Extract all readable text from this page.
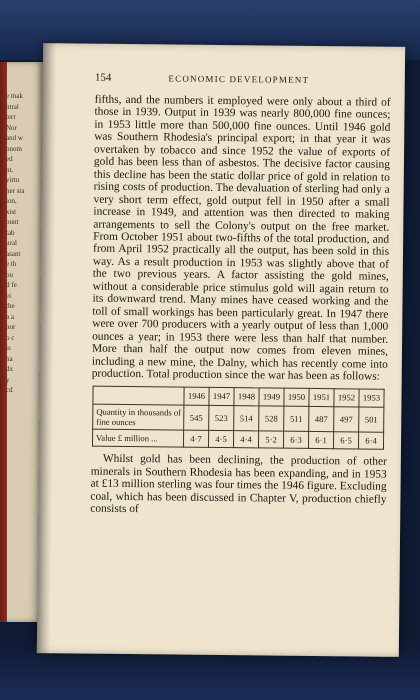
e mak
ntral
terr
Nor
and w
onom
ed
nt.
virtu
her sta
ion,
xist
ount
tab
ural
asant
e th
ou
d fe
ei
the
a a
nor
o c
is
ha
dx
y
cd
154	ECONOMIC DEVELOPMENT

fifths, and the numbers it employed were only about a third of those in 1939. Output in 1939 was nearly 800,000 fine ounces; in 1953 little more than 500,000 fine ounces. Until 1946 gold was Southern Rhodesia's principal export; in that year it was overtaken by tobacco and since 1952 the value of exports of gold has been less than of asbestos. The decisive factor causing this decline has been the static dollar price of gold in relation to rising costs of production. The devaluation of sterling had only a very short term effect, gold output fell in 1950 after a small increase in 1949, and attention was then directed to making arrangements to sell the Colony's output on the free market. From October 1951 about two-fifths of the total production, and from April 1952 practically all the output, has been sold in this way. As a result production in 1953 was slightly above that of the two previous years. A factor assisting the gold mines, without a considerable price stimulus gold will again return to its downward trend. Many mines have ceased working and the toll of small workings has been particularly great. In 1947 there were over 700 producers with a yearly output of less than 1,000 ounces a year; in 1953 there were less than half that number. More than half the output now comes from eleven mines, including a new mine, the Dalny, which has recently come into production. Total production since the war has been as follows:

	1946	1947	1948	1949	1950	1951	1952	1953
Quantity in thousands of fine ounces	545	523	514	528	511	487	497	501
Value £ million ...	4·7	4·5	4·4	5·2	6·3	6·1	6·5	6·4

Whilst gold has been declining, the production of other minerals in Southern Rhodesia has been expanding, and in 1953 at £13 million sterling was four times the 1946 figure. Excluding coal, which has been discussed in Chapter V, production chiefly consists of
